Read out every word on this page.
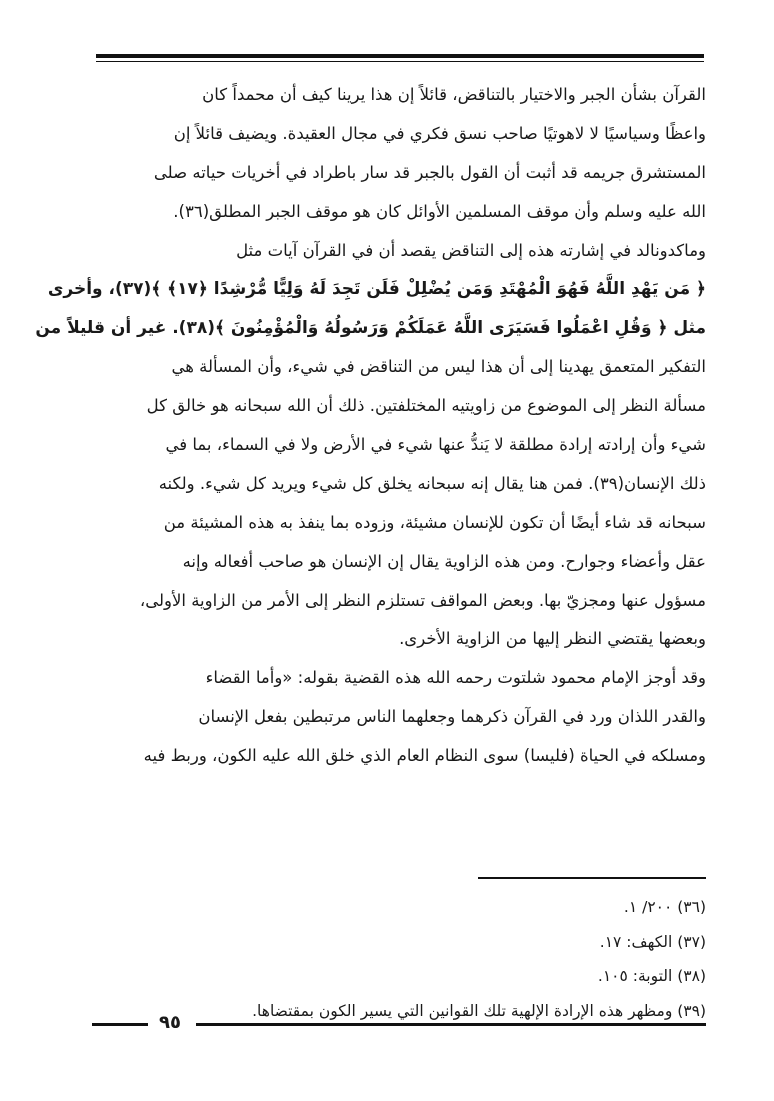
القرآن بشأن الجبر والاختيار بالتناقض، قائلاً إن هذا يرينا كيف أن محمداً كان
واعظًا وسياسيًا لا لاهوتيًا صاحب نسق فكري في مجال العقيدة. ويضيف قائلاً إن
المستشرق جريمه قد أثبت أن القول بالجبر قد سار باطراد في أخريات حياته صلى
الله عليه وسلم وأن موقف المسلمين الأوائل كان هو موقف الجبر المطلق(٣٦).
وماكدونالد في إشارته هذه إلى التناقض يقصد أن في القرآن آيات مثل
﴿ مَن يَهْدِ اللَّهُ فَهُوَ الْمُهْتَدِ وَمَن يُضْلِلْ فَلَن تَجِدَ لَهُ وَلِيًّا مُّرْشِدًا ﴿١٧﴾ ﴾(٣٧)، وأخرى
مثل ﴿ وَقُلِ اعْمَلُوا فَسَيَرَى اللَّهُ عَمَلَكُمْ وَرَسُولُهُ وَالْمُؤْمِنُونَ ﴾(٣٨). غير أن قليلاً من
التفكير المتعمق يهدينا إلى أن هذا ليس من التناقض في شيء، وأن المسألة هي
مسألة النظر إلى الموضوع من زاويتيه المختلفتين. ذلك أن الله سبحانه هو خالق كل
شيء وأن إرادته إرادة مطلقة لا يَندُّ عنها شيء في الأرض ولا في السماء، بما في
ذلك الإنسان(٣٩). فمن هنا يقال إنه سبحانه يخلق كل شيء ويريد كل شيء. ولكنه
سبحانه قد شاء أيضًا أن تكون للإنسان مشيئة، وزوده بما ينفذ به هذه المشيئة من
عقل وأعضاء وجوارح. ومن هذه الزاوية يقال إن الإنسان هو صاحب أفعاله وإنه
مسؤول عنها ومجزيّ بها. وبعض المواقف تستلزم النظر إلى الأمر من الزاوية الأولى،
وبعضها يقتضي النظر إليها من الزاوية الأخرى.
وقد أوجز الإمام محمود شلتوت رحمه الله هذه القضية بقوله: «وأما القضاء
والقدر اللذان ورد في القرآن ذكرهما وجعلهما الناس مرتبطين بفعل الإنسان
ومسلكه في الحياة (فليسا) سوى النظام العام الذي خلق الله عليه الكون، وربط فيه
(٣٦) ٢٠٠/ ١.
(٣٧) الكهف: ١٧.
(٣٨) التوبة: ١٠٥.
(٣٩) ومظهر هذه الإرادة الإلهية تلك القوانين التي يسير الكون بمقتضاها.
٩٥
